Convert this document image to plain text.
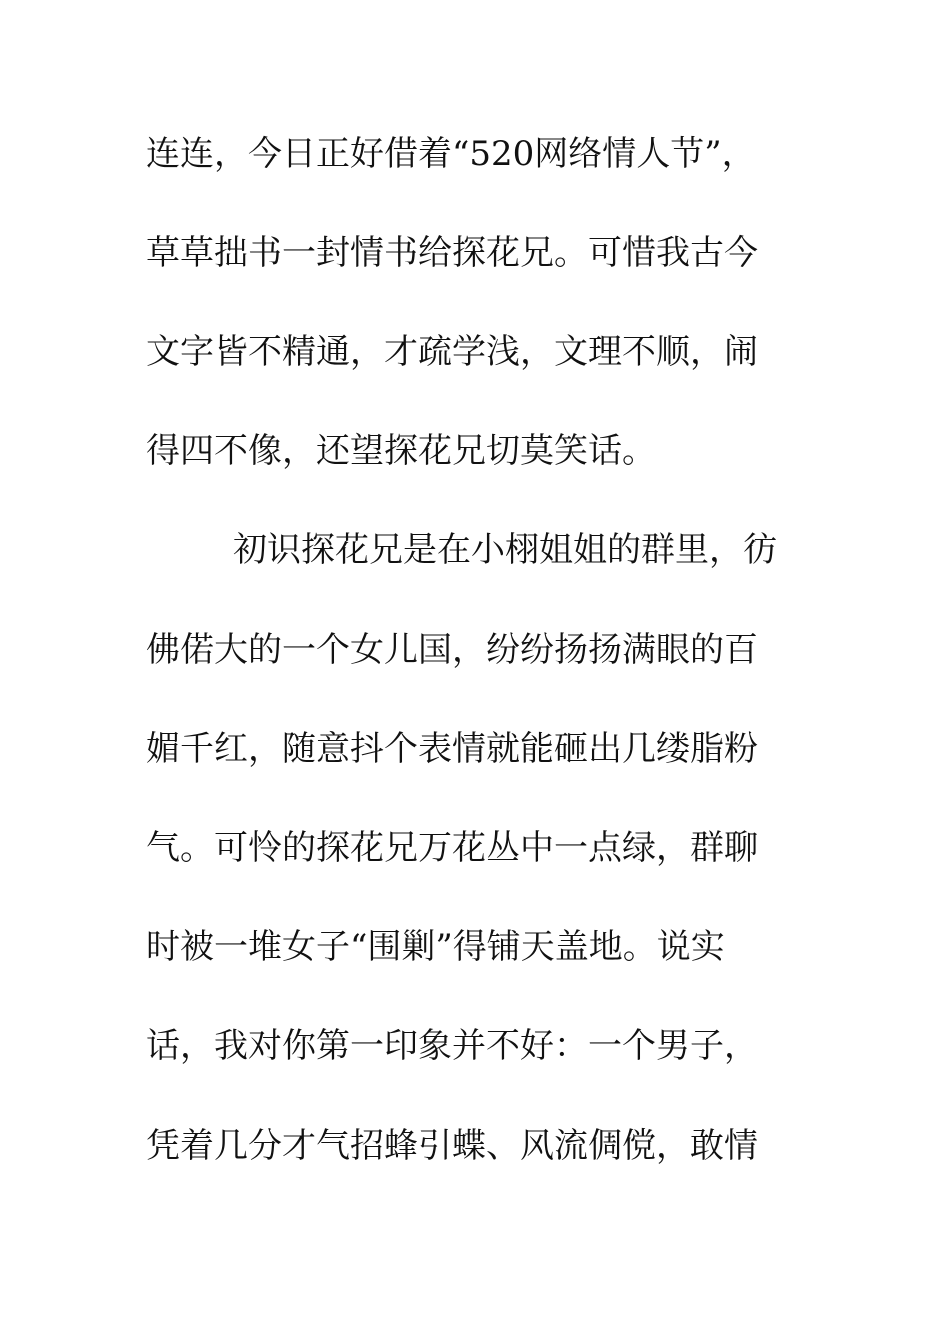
连连，今日正好借着“520网络情人节”，
草草拙书一封情书给探花兄。可惜我古今
文字皆不精通，才疏学浅，文理不顺，闹
得四不像，还望探花兄切莫笑话。
初识探花兄是在小栩姐姐的群里，彷
佛偌大的一个女儿国，纷纷扬扬满眼的百
媚千红，随意抖个表情就能砸出几缕脂粉
气。可怜的探花兄万花丛中一点绿，群聊
时被一堆女子“围剿”得铺天盖地。说实
话，我对你第一印象并不好：一个男子，
凭着几分才气招蜂引蝶、风流倜傥，敢情
